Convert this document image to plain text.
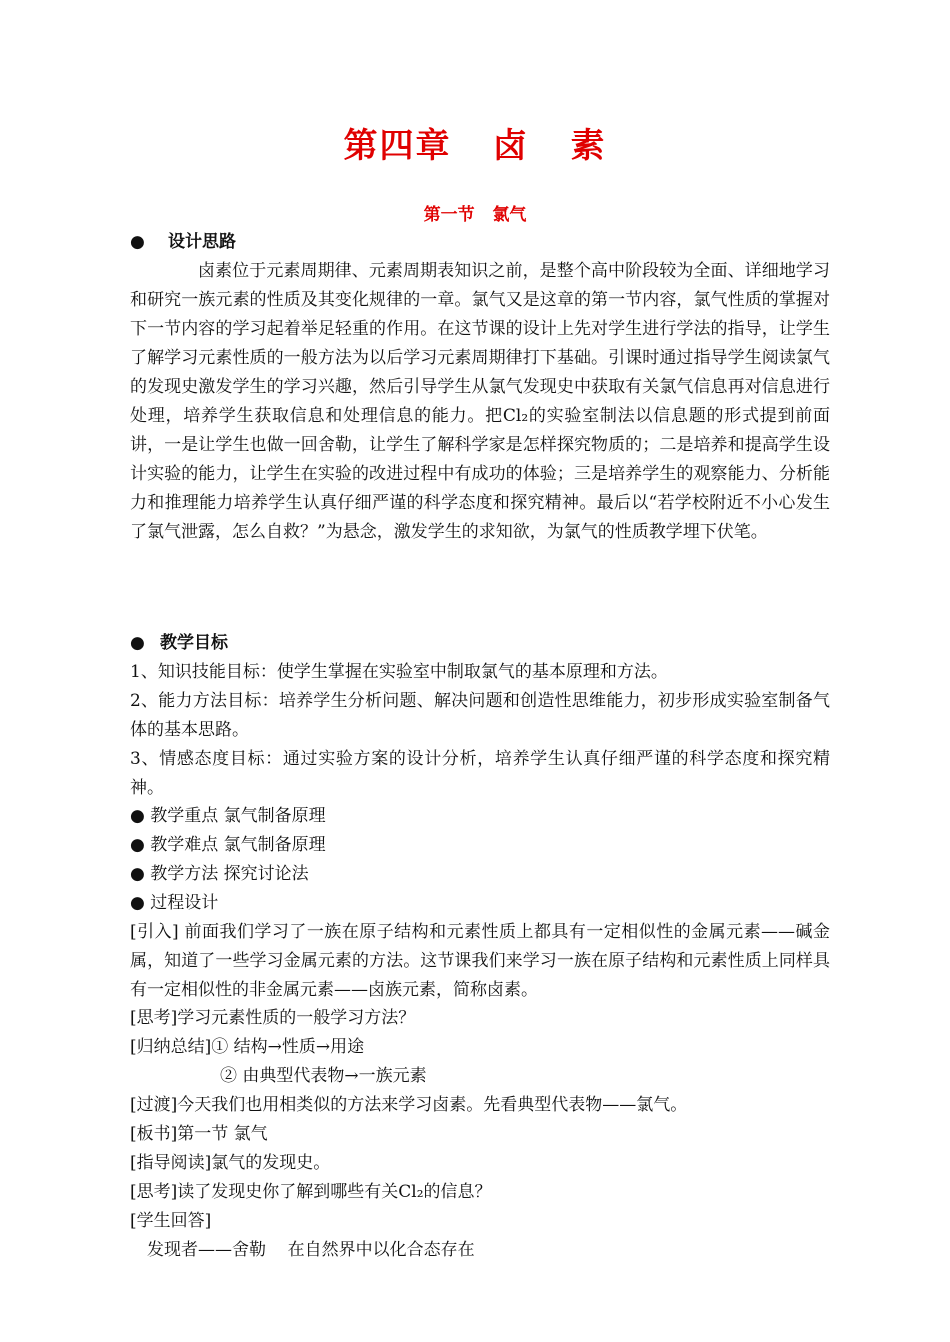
第四章   卤   素
第一节   氯气
● 设计思路
卤素位于元素周期律、元素周期表知识之前，是整个高中阶段较为全面、详细地学习和研究一族元素的性质及其变化规律的一章。氯气又是这章的第一节内容，氯气性质的掌握对下一节内容的学习起着举足轻重的作用。在这节课的设计上先对学生进行学法的指导，让学生了解学习元素性质的一般方法为以后学习元素周期律打下基础。引课时通过指导学生阅读氯气的发现史激发学生的学习兴趣，然后引导学生从氯气发现史中获取有关氯气信息再对信息进行处理，培养学生获取信息和处理信息的能力。把Cl₂的实验室制法以信息题的形式提到前面讲，一是让学生也做一回舍勒，让学生了解科学家是怎样探究物质的；二是培养和提高学生设计实验的能力，让学生在实验的改进过程中有成功的体验；三是培养学生的观察能力、分析能力和推理能力培养学生认真仔细严谨的科学态度和探究精神。最后以“若学校附近不小心发生了氯气泄露，怎么自救？”为悬念，激发学生的求知欲，为氯气的性质教学埋下伏笔。
● 教学目标
1、知识技能目标：使学生掌握在实验室中制取氯气的基本原理和方法。
2、能力方法目标：培养学生分析问题、解决问题和创造性思维能力，初步形成实验室制备气体的基本思路。
3、情感态度目标：通过实验方案的设计分析，培养学生认真仔细严谨的科学态度和探究精神。
● 教学重点 氯气制备原理
● 教学难点 氯气制备原理
● 教学方法 探究讨论法
● 过程设计
[引入] 前面我们学习了一族在原子结构和元素性质上都具有一定相似性的金属元素——碱金属，知道了一些学习金属元素的方法。这节课我们来学习一族在原子结构和元素性质上同样具有一定相似性的非金属元素——卤族元素，简称卤素。
[思考]学习元素性质的一般学习方法？
[归纳总结]① 结构→性质→用途
② 由典型代表物→一族元素
[过渡]今天我们也用相类似的方法来学习卤素。先看典型代表物——氯气。
[板书]第一节 氯气
[指导阅读]氯气的发现史。
[思考]读了发现史你了解到哪些有关Cl₂的信息？
[学生回答]
发现者——舍勒    在自然界中以化合态存在
